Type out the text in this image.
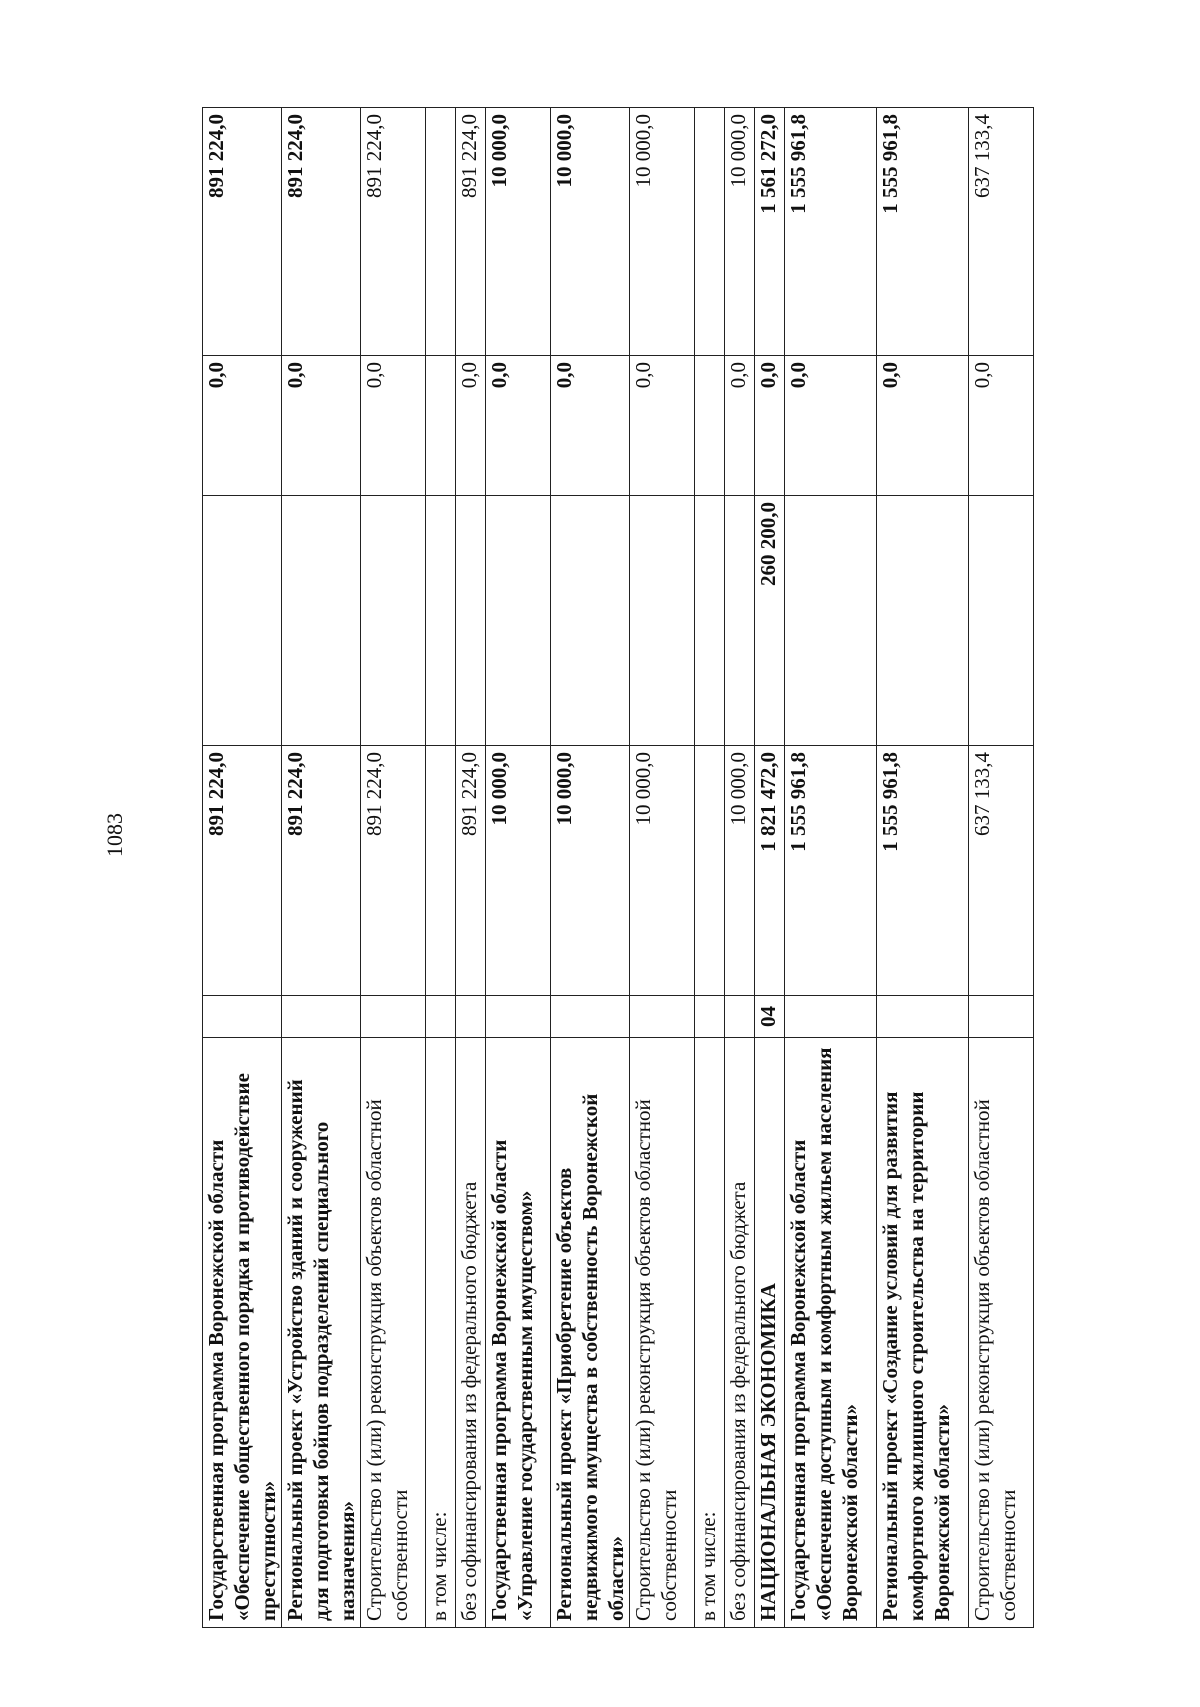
1083
Государственная программа Воронежской области «Обеспечение общественного порядка и противодействие преступности»		891 224,0		0,0	891 224,0
Региональный проект «Устройство зданий и сооружений для подготовки бойцов подразделений специального назначения»		891 224,0		0,0	891 224,0
Строительство и (или) реконструкция объектов областной собственности		891 224,0		0,0	891 224,0
в том числе:					
без софинансирования из федерального бюджета		891 224,0		0,0	891 224,0
Государственная программа Воронежской области «Управление государственным имуществом»		10 000,0		0,0	10 000,0
Региональный проект «Приобретение объектов недвижимого имущества в собственность Воронежской области»		10 000,0		0,0	10 000,0
Строительство и (или) реконструкция объектов областной собственности		10 000,0		0,0	10 000,0
в том числе:					
без софинансирования из федерального бюджета		10 000,0		0,0	10 000,0
НАЦИОНАЛЬНАЯ ЭКОНОМИКА	04	1 821 472,0	260 200,0	0,0	1 561 272,0
Государственная программа Воронежской области «Обеспечение доступным и комфортным жильем населения Воронежской области»		1 555 961,8		0,0	1 555 961,8
Региональный проект «Создание условий для развития комфортного жилищного строительства на территории Воронежской области»		1 555 961,8		0,0	1 555 961,8
Строительство и (или) реконструкция объектов областной собственности		637 133,4		0,0	637 133,4
